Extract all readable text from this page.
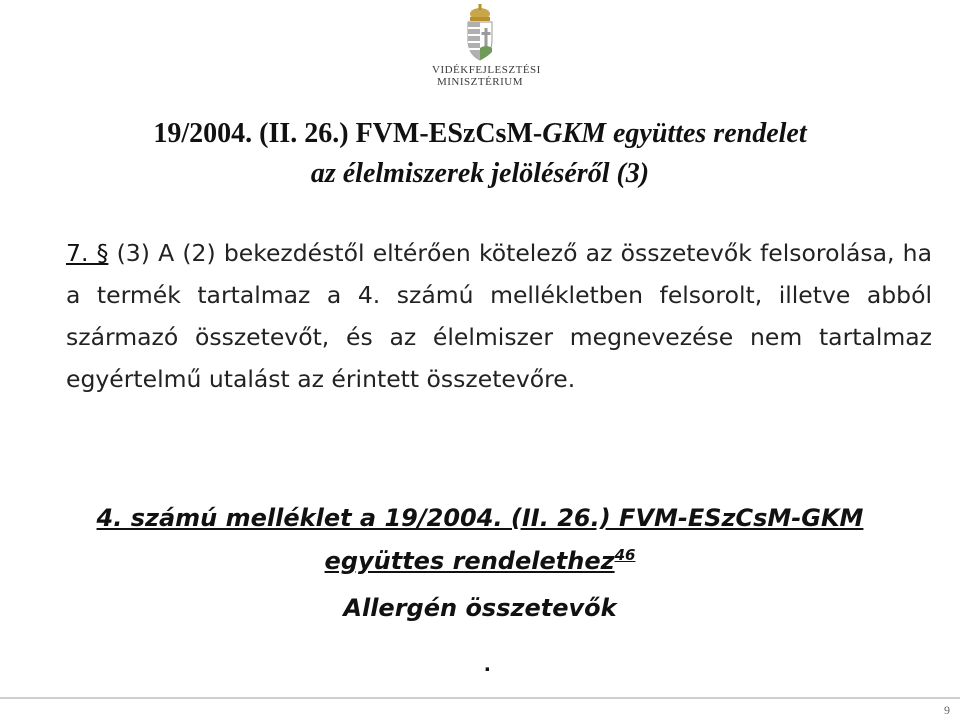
VIDÉKFEJLESZTÉSI
MINISZTÉRIUM
19/2004. (II. 26.) FVM-ESzCsM-GKM együttes rendelet
az élelmiszerek jelöléséről (3)
7. § (3) A (2) bekezdéstől eltérően kötelező az összetevők felsorolása, ha a termék tartalmaz a 4. számú mellékletben felsorolt, illetve abból származó összetevőt, és az élelmiszer megnevezése nem tartalmaz egyértelmű utalást az érintett összetevőre.
4. számú melléklet a 19/2004. (II. 26.) FVM-ESzCsM-GKM
együttes rendelethez$^{46}$
Allergén összetevők
.
9
